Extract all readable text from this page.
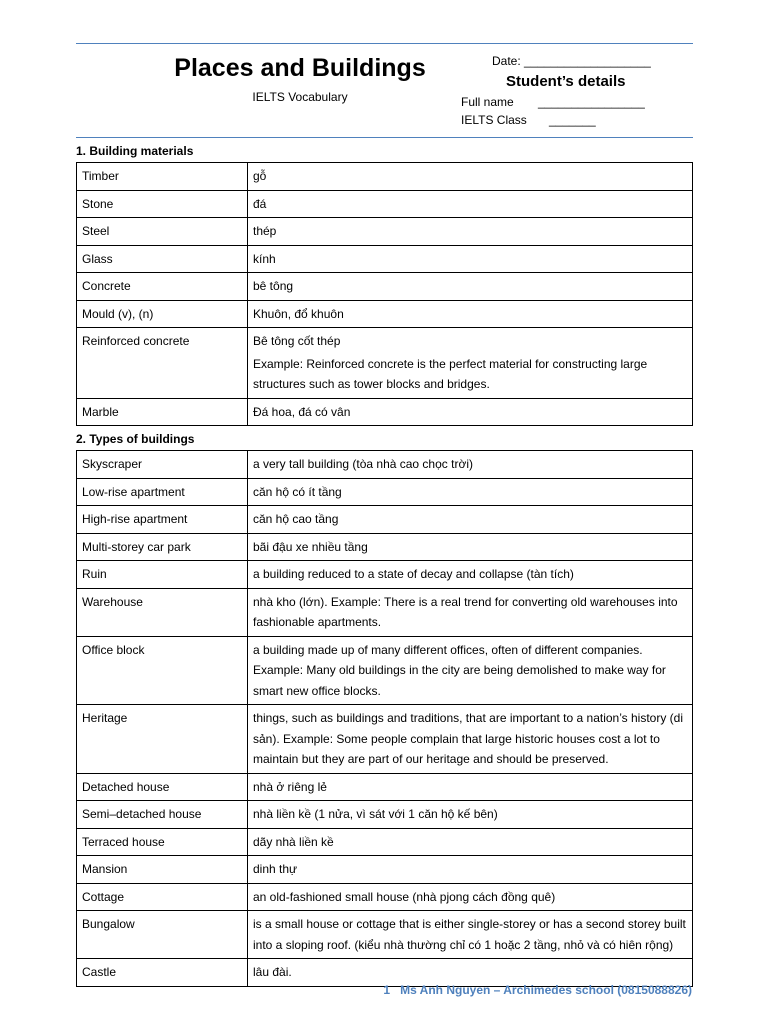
Places and Buildings
IELTS Vocabulary
Date: ___________________
Student’s details
Full name ________________
IELTS Class _______
1. Building materials
Timber	gỗ
Stone	đá
Steel	thép
Glass	kính
Concrete	bê tông
Mould (v), (n)	Khuôn, đổ khuôn
Reinforced concrete	Bê tông cốt thép
Example: Reinforced concrete is the perfect material for constructing large structures such as tower blocks and bridges.

Marble	Đá hoa, đá có vân
2. Types of buildings
Skyscraper	a very tall building (tòa nhà cao chọc trời)
Low-rise apartment	căn hộ có ít tầng
High-rise apartment	căn hộ cao tầng
Multi-storey car park	bãi đậu xe nhiều tầng
Ruin	a building reduced to a state of decay and collapse (tàn tích)
Warehouse	nhà kho (lớn). Example: There is a real trend for converting old warehouses into fashionable apartments.
Office block	a building made up of many different offices, often of different companies. Example: Many old buildings in the city are being demolished to make way for smart new office blocks.
Heritage	things, such as buildings and traditions, that are important to a nation’s history (di sản). Example: Some people complain that large historic houses cost a lot to maintain but they are part of our heritage and should be preserved.
Detached house	nhà ở riêng lẻ
Semi–detached house	nhà liền kề (1 nửa, vì sát với 1 căn hộ kế bên)
Terraced house	dãy nhà liền kề
Mansion	dinh thự
Cottage	an old-fashioned small house (nhà pjong cách đồng quê)
Bungalow	is a small house or cottage that is either single-storey or has a second storey built into a sloping roof. (kiểu nhà thường chỉ có 1 hoặc 2 tầng, nhỏ và có hiên rộng)
Castle	lâu đài.
1 Ms Anh Nguyen – Archimedes school (0815088826)
